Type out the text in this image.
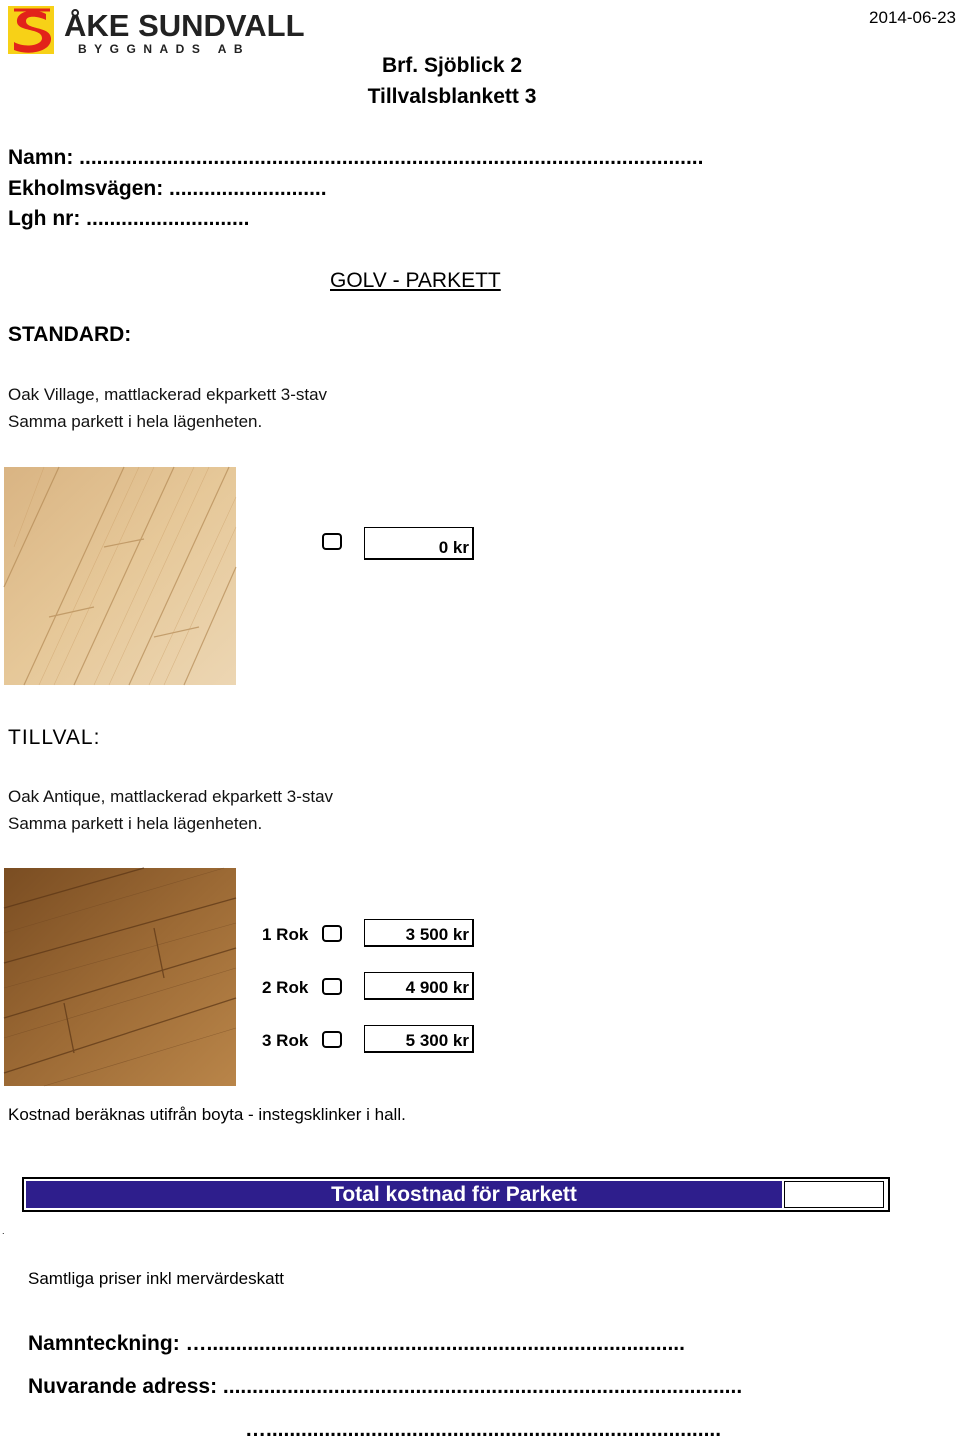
2014-06-23
ÅKE SUNDVALL
BYGGNADS AB
Brf. Sjöblick 2
Tillvalsblankett 3
Namn: ...........................................................................................................
Ekholmsvägen: ...........................
Lgh nr: ............................
GOLV - PARKETT
STANDARD:
Oak Village, mattlackerad ekparkett 3-stav
Samma parkett i hela lägenheten.
0 kr
TILLVAL:
Oak Antique, mattlackerad ekparkett 3-stav
Samma parkett i hela lägenheten.
1 Rok	3 500 kr
2 Rok	4 900 kr
3 Rok	5 300 kr
Kostnad beräknas utifrån boyta - instegsklinker i hall.
Total kostnad för Parkett
.
Samtliga priser inkl mervärdeskatt
Namnteckning: …..................................................................................
Nuvarande adress: .........................................................................................
…..............................................................................
